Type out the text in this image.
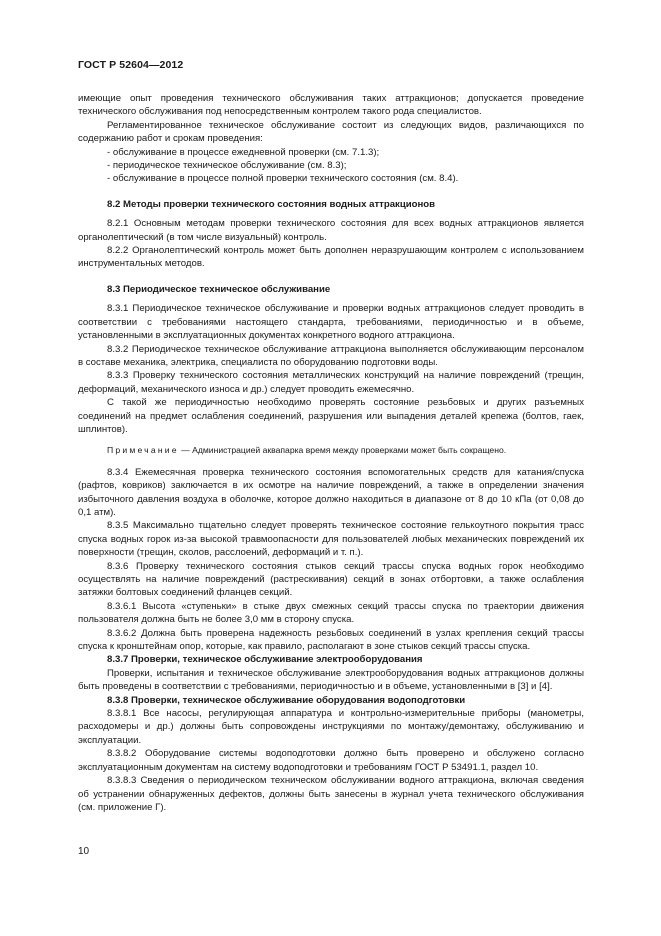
ГОСТ Р 52604—2012

имеющие опыт проведения технического обслуживания таких аттракционов; допускается проведение технического обслуживания под непосредственным контролем такого рода специалистов.

Регламентированное техническое обслуживание состоит из следующих видов, различающихся по содержанию работ и срокам проведения:

- обслуживание в процессе ежедневной проверки (см. 7.1.3);

- периодическое техническое обслуживание (см. 8.3);

- обслуживание в процессе полной проверки технического состояния (см. 8.4).

8.2 Методы проверки технического состояния водных аттракционов

8.2.1 Основным методам проверки технического состояния для всех водных аттракционов является органолептический (в том числе визуальный) контроль.

8.2.2 Органолептический контроль может быть дополнен неразрушающим контролем с использованием инструментальных методов.

8.3 Периодическое техническое обслуживание

8.3.1 Периодическое техническое обслуживание и проверки водных аттракционов следует проводить в соответствии с требованиями настоящего стандарта, требованиями, периодичностью и в объеме, установленными в эксплуатационных документах конкретного водного аттракциона.

8.3.2 Периодическое техническое обслуживание аттракциона выполняется обслуживающим персоналом в составе механика, электрика, специалиста по оборудованию подготовки воды.

8.3.3 Проверку технического состояния металлических конструкций на наличие повреждений (трещин, деформаций, механического износа и др.) следует проводить ежемесячно.

С такой же периодичностью необходимо проверять состояние резьбовых и других разъемных соединений на предмет ослабления соединений, разрушения или выпадения деталей крепежа (болтов, гаек, шплинтов).

Примечание — Администрацией аквапарка время между проверками может быть сокращено.

8.3.4 Ежемесячная проверка технического состояния вспомогательных средств для катания/спуска (рафтов, ковриков) заключается в их осмотре на наличие повреждений, а также в определении значения избыточного давления воздуха в оболочке, которое должно находиться в диапазоне от 8 до 10 кПа (от 0,08 до 0,1 атм).

8.3.5 Максимально тщательно следует проверять техническое состояние гелькоутного покрытия трасс спуска водных горок из-за высокой травмоопасности для пользователей любых механических повреждений их поверхности (трещин, сколов, расслоений, деформаций и т. п.).

8.3.6 Проверку технического состояния стыков секций трассы спуска водных горок необходимо осуществлять на наличие повреждений (растрескивания) секций в зонах отбортовки, а также ослабления затяжки болтовых соединений фланцев секций.

8.3.6.1 Высота «ступеньки» в стыке двух смежных секций трассы спуска по траектории движения пользователя должна быть не более 3,0 мм в сторону спуска.

8.3.6.2 Должна быть проверена надежность резьбовых соединений в узлах крепления секций трассы спуска к кронштейнам опор, которые, как правило, располагают в зоне стыков секций трассы спуска.

8.3.7 Проверки, техническое обслуживание электрооборудования

Проверки, испытания и техническое обслуживание электрооборудования водных аттракционов должны быть проведены в соответствии с требованиями, периодичностью и в объеме, установленными в [3] и [4].

8.3.8 Проверки, техническое обслуживание оборудования водоподготовки

8.3.8.1 Все насосы, регулирующая аппаратура и контрольно-измерительные приборы (манометры, расходомеры и др.) должны быть сопровождены инструкциями по монтажу/демонтажу, обслуживанию и эксплуатации.

8.3.8.2 Оборудование системы водоподготовки должно быть проверено и обслужено согласно эксплуатационным документам на систему водоподготовки и требованиям ГОСТ Р 53491.1, раздел 10.

8.3.8.3 Сведения о периодическом техническом обслуживании водного аттракциона, включая сведения об устранении обнаруженных дефектов, должны быть занесены в журнал учета технического обслуживания (см. приложение Г).

10
